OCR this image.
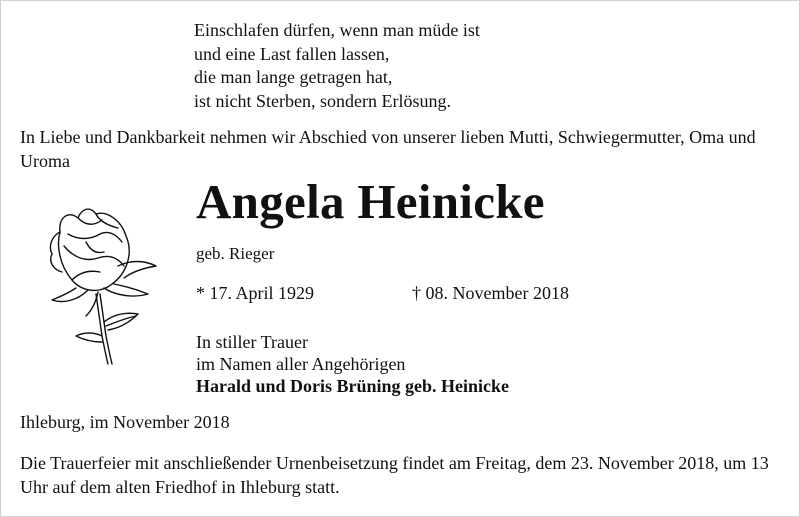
Einschlafen dürfen, wenn man müde ist
und eine Last fallen lassen,
die man lange getragen hat,
ist nicht Sterben, sondern Erlösung.
In Liebe und Dankbarkeit nehmen wir Abschied von unserer lieben Mutti, Schwiegermutter, Oma und Uroma
Angela Heinicke
geb. Rieger
* 17. April 1929	† 08. November 2018
In stiller Trauer
im Namen aller Angehörigen
Harald und Doris Brüning geb. Heinicke
Ihleburg, im November 2018
Die Trauerfeier mit anschließender Urnenbeisetzung findet am Freitag, dem 23. November 2018, um 13 Uhr auf dem alten Friedhof in Ihleburg statt.
